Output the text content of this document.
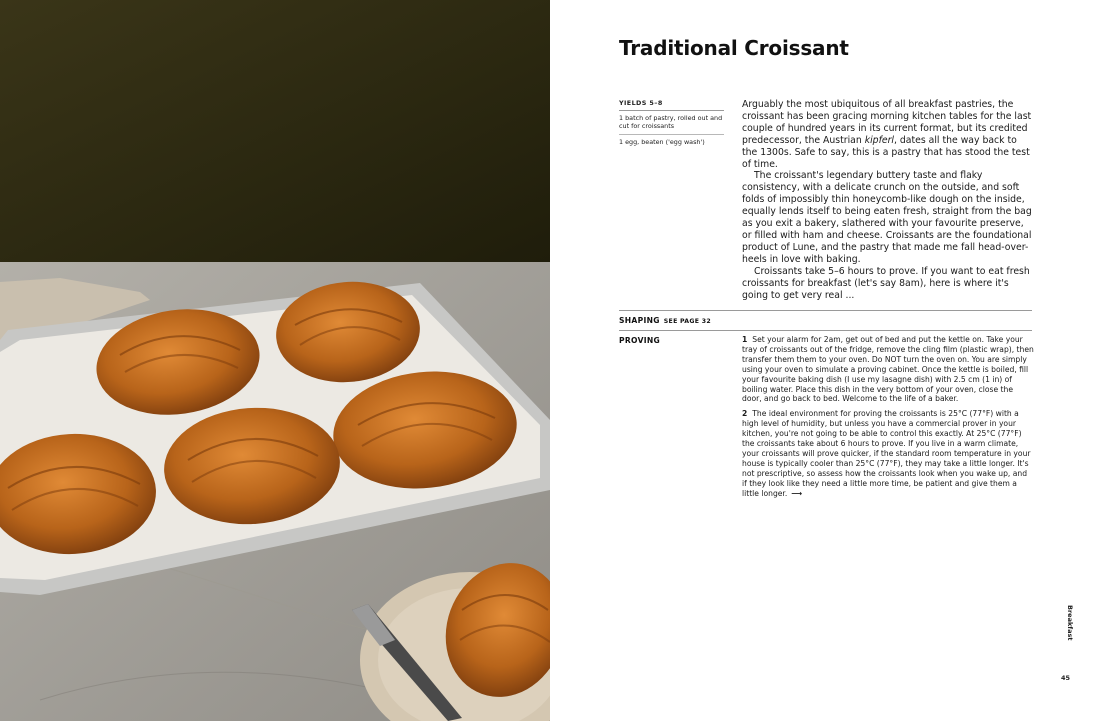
Traditional Croissant
YIELDS 5–8
1 batch of pastry, rolled out and cut for croissants
1 egg, beaten ('egg wash')

Arguably the most ubiquitous of all breakfast pastries, the croissant has been gracing morning kitchen tables for the last couple of hundred years in its current format, but its credited predecessor, the Austrian kipferl, dates all the way back to the 1300s. Safe to say, this is a pastry that has stood the test of time.

The croissant's legendary buttery taste and flaky consistency, with a delicate crunch on the outside, and soft folds of impossibly thin honeycomb-like dough on the inside, equally lends itself to being eaten fresh, straight from the bag as you exit a bakery, slathered with your favourite preserve, or filled with ham and cheese. Croissants are the foundational product of Lune, and the pastry that made me fall head-over-heels in love with baking.

Croissants take 5–6 hours to prove. If you want to eat fresh croissants for breakfast (let's say 8am), here is where it's going to get very real ...

SHAPING SEE PAGE 32
PROVING	1 Set your alarm for 2am, get out of bed and put the kettle on. Take your tray of croissants out of the fridge, remove the cling film (plastic wrap), then transfer them them to your oven. Do NOT turn the oven on. You are simply using your oven to simulate a proving cabinet. Once the kettle is boiled, fill your favourite baking dish (I use my lasagne dish) with 2.5 cm (1 in) of boiling water. Place this dish in the very bottom of your oven, close the door, and go back to bed. Welcome to the life of a baker.

2 The ideal environment for proving the croissants is 25°C (77°F) with a high level of humidity, but unless you have a commercial prover in your kitchen, you're not going to be able to control this exactly. At 25°C (77°F) the croissants take about 6 hours to prove. If you live in a warm climate, your croissants will prove quicker, if the standard room temperature in your house is typically cooler than 25°C (77°F), they may take a little longer. It's not prescriptive, so assess how the croissants look when you wake up, and if they look like they need a little more time, be patient and give them a little longer. ⟶

Breakfast
45
